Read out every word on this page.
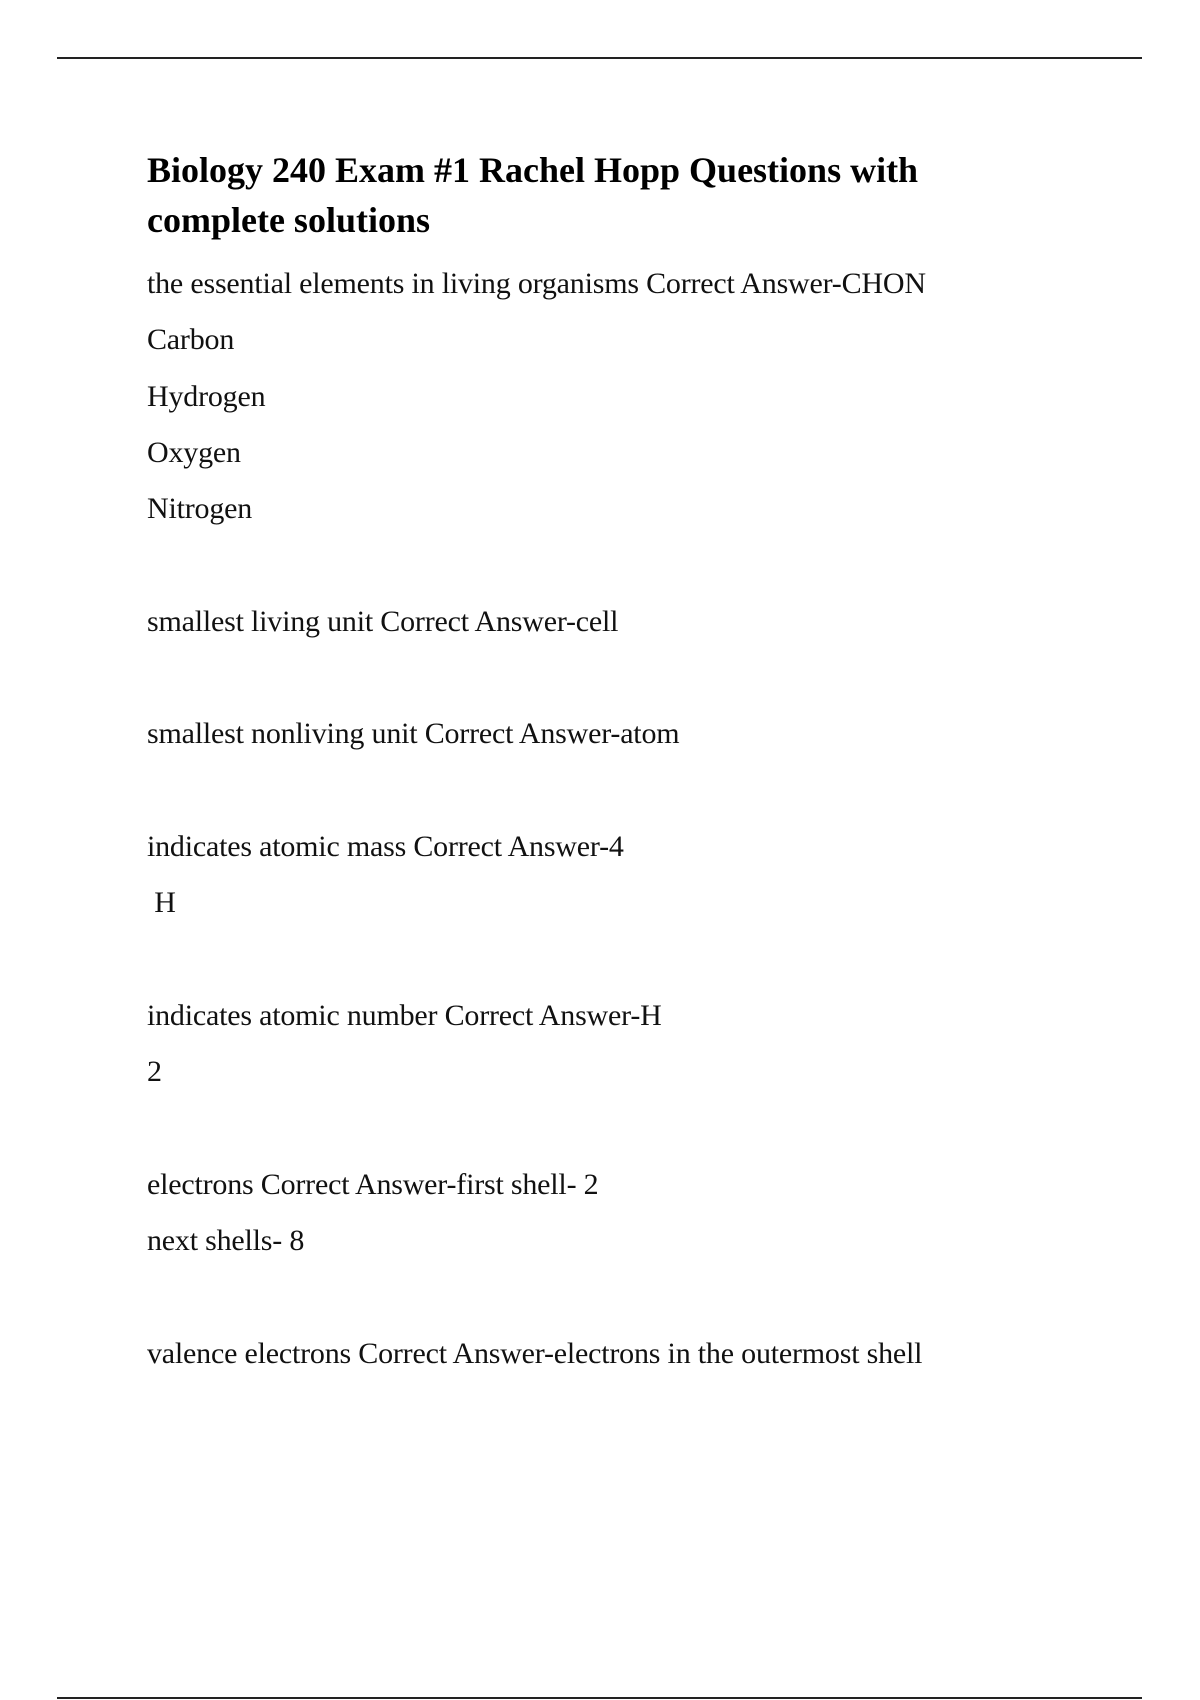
Biology 240 Exam #1 Rachel Hopp Questions with
complete solutions
the essential elements in living organisms Correct Answer-CHON
Carbon
Hydrogen
Oxygen
Nitrogen
smallest living unit Correct Answer-cell
smallest nonliving unit Correct Answer-atom
indicates atomic mass Correct Answer-4
H
indicates atomic number Correct Answer-H
2
electrons Correct Answer-first shell- 2
next shells- 8
valence electrons Correct Answer-electrons in the outermost shell
